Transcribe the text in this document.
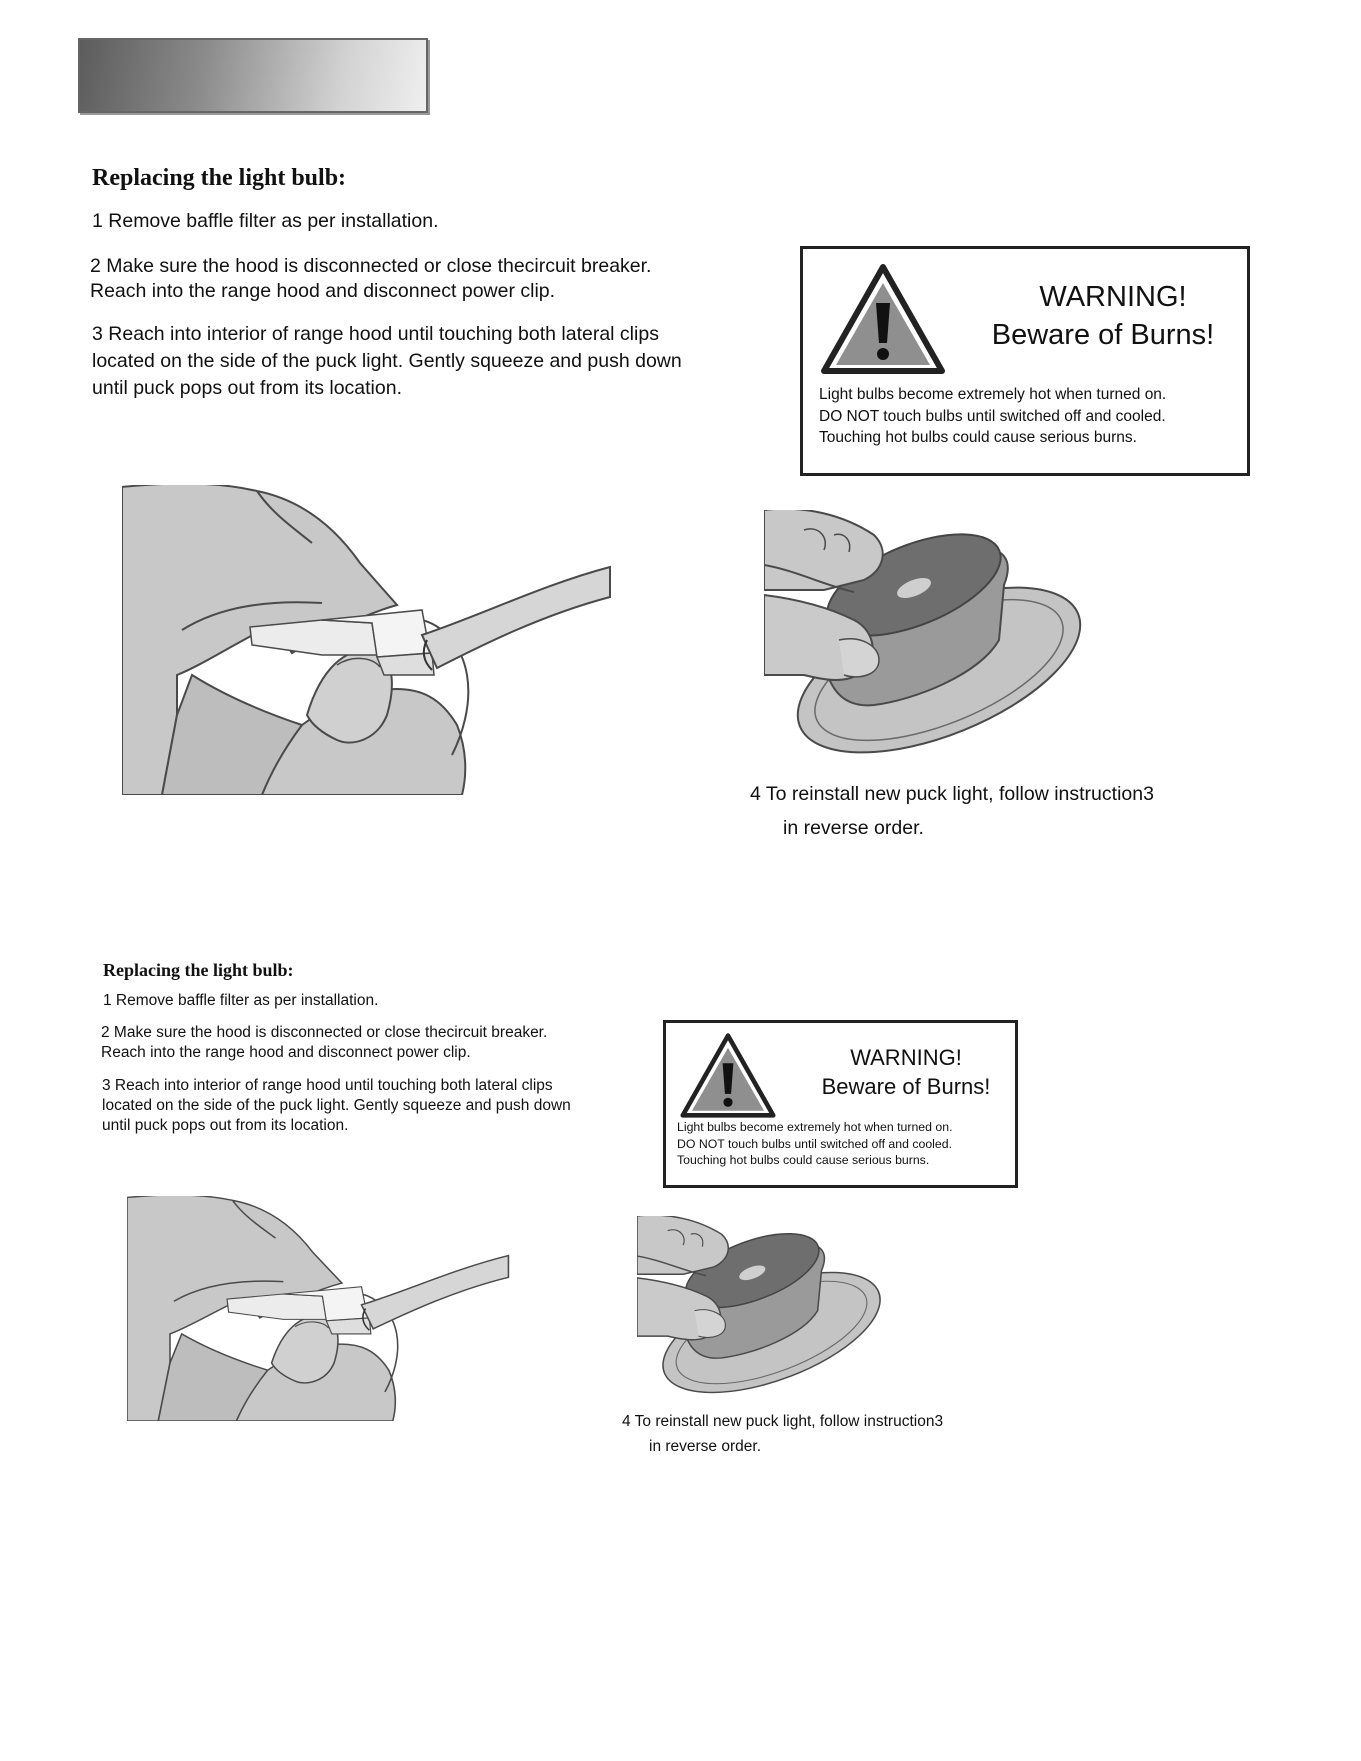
Replacing the light bulb:

1 Remove baffle filter as per installation.

2 Make sure the hood is disconnected or close thecircuit breaker.

Reach into the range hood and disconnect power clip.

3 Reach into interior of range hood until touching both lateral clips

located on the side of the puck light. Gently squeeze and push down

until puck pops out from its location.

WARNING!
Beware of Burns!
Light bulbs become extremely hot when turned on.
DO NOT touch bulbs until switched off and cooled.
Touching hot bulbs could cause serious burns.

4 To reinstall new puck light, follow instruction3

in reverse order.

Replacing the light bulb:

1 Remove baffle filter as per installation.

2 Make sure the hood is disconnected or close thecircuit breaker.

Reach into the range hood and disconnect power clip.

3 Reach into interior of range hood until touching both lateral clips

located on the side of the puck light. Gently squeeze and push down

until puck pops out from its location.

WARNING!
Beware of Burns!
Light bulbs become extremely hot when turned on.
DO NOT touch bulbs until switched off and cooled.
Touching hot bulbs could cause serious burns.

4 To reinstall new puck light, follow instruction3

in reverse order.
